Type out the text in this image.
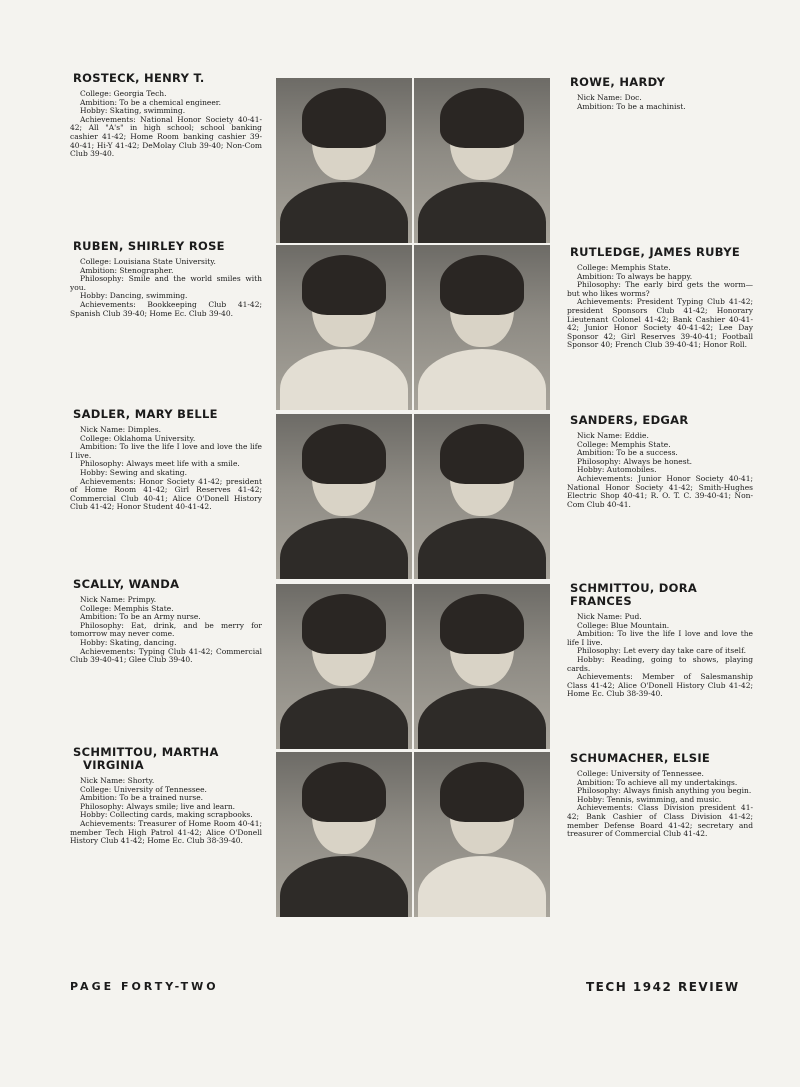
ROSTECK, HENRY T.

College: Georgia Tech.

Ambition: To be a chemical engineer.

Hobby: Skating, swimming.

Achievements: National Honor Society 40-41-42; All "A's" in high school; school banking cashier 41-42; Home Room banking cashier 39-40-41; Hi-Y 41-42; DeMolay Club 39-40; Non-Com Club 39-40.

ROWE, HARDY

Nick Name: Doc.

Ambition: To be a machinist.

RUBEN, SHIRLEY ROSE

College: Louisiana State University.

Ambition: Stenographer.

Philosophy: Smile and the world smiles with you.

Hobby: Dancing, swimming.

Achievements: Bookkeeping Club 41-42; Spanish Club 39-40; Home Ec. Club 39-40.

RUTLEDGE, JAMES RUBYE

College: Memphis State.

Ambition: To always be happy.

Philosophy: The early bird gets the worm—but who likes worms?

Achievements: President Typing Club 41-42; president Sponsors Club 41-42; Honorary Lieutenant Colonel 41-42; Bank Cashier 40-41-42; Junior Honor Society 40-41-42; Lee Day Sponsor 42; Girl Reserves 39-40-41; Football Sponsor 40; French Club 39-40-41; Honor Roll.

SADLER, MARY BELLE

Nick Name: Dimples.

College: Oklahoma University.

Ambition: To live the life I love and love the life I live.

Philosophy: Always meet life with a smile.

Hobby: Sewing and skating.

Achievements: Honor Society 41-42; president of Home Room 41-42; Girl Reserves 41-42; Commercial Club 40-41; Alice O'Donell History Club 41-42; Honor Student 40-41-42.

SANDERS, EDGAR

Nick Name: Eddie.

College: Memphis State.

Ambition: To be a success.

Philosophy: Always be honest.

Hobby: Automobiles.

Achievements: Junior Honor Society 40-41; National Honor Society 41-42; Smith-Hughes Electric Shop 40-41; R. O. T. C. 39-40-41; Non-Com Club 40-41.

SCALLY, WANDA

Nick Name: Primpy.

College: Memphis State.

Ambition: To be an Army nurse.

Philosophy: Eat, drink, and be merry for tomorrow may never come.

Hobby: Skating, dancing.

Achievements: Typing Club 41-42; Commercial Club 39-40-41; Glee Club 39-40.

SCHMITTOU, DORA FRANCES

Nick Name: Pud.

College: Blue Mountain.

Ambition: To live the life I love and love the life I live.

Philosophy: Let every day take care of itself.

Hobby: Reading, going to shows, playing cards.

Achievements: Member of Salesmanship Class 41-42; Alice O'Donell History Club 41-42; Home Ec. Club 38-39-40.

SCHMITTOU, MARTHA
VIRGINIA

Nick Name: Shorty.

College: University of Tennessee.

Ambition: To be a trained nurse.

Philosophy: Always smile; live and learn.

Hobby: Collecting cards, making scrapbooks.

Achievements: Treasurer of Home Room 40-41; member Tech High Patrol 41-42; Alice O'Donell History Club 41-42; Home Ec. Club 38-39-40.

SCHUMACHER, ELSIE

College: University of Tennessee.

Ambition: To achieve all my undertakings.

Philosophy: Always finish anything you begin.

Hobby: Tennis, swimming, and music.

Achievements: Class Division president 41-42; Bank Cashier of Class Division 41-42; member Defense Board 41-42; secretary and treasurer of Commercial Club 41-42.

PAGE FORTY-TWO	TECH 1942 REVIEW
